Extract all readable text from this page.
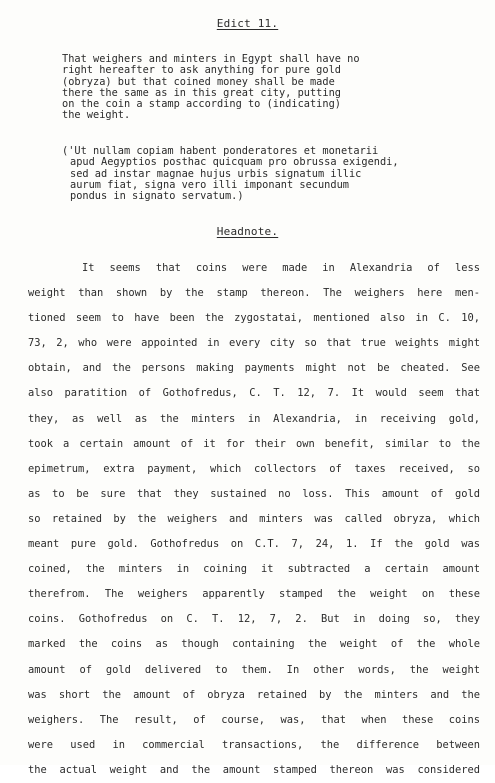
Edict 11.
That weighers and minters in Egypt shall have no
right hereafter to ask anything for pure gold
(obryza) but that coined money shall be made
there the same as in this great city, putting
on the coin a stamp according to (indicating)
the weight.
('Ut nullam copiam habent ponderatores et monetarii
apud Aegyptios posthac quicquam pro obrussa exigendi,
sed ad instar magnae hujus urbis signatum illic
aurum fiat, signa vero illi imponant secundum
pondus in signato servatum.)
Headnote.
It seems that coins were made in Alexandria of less
weight than shown by the stamp thereon. The weighers here men-
tioned seem to have been the zygostatai, mentioned also in C. 10,
73, 2, who were appointed in every city so that true weights might
obtain, and the persons making payments might not be cheated. See
also paratition of Gothofredus, C. T. 12, 7. It would seem that
they, as well as the minters in Alexandria, in receiving gold,
took a certain amount of it for their own benefit, similar to the
epimetrum, extra payment, which collectors of taxes received, so
as to be sure that they sustained no loss. This amount of gold
so retained by the weighers and minters was called obryza, which
meant pure gold. Gothofredus on C.T. 7, 24, 1. If the gold was
coined, the minters in coining it subtracted a certain amount
therefrom. The weighers apparently stamped the weight on these
coins. Gothofredus on C. T. 12, 7, 2. But in doing so, they
marked the coins as though containing the weight of the whole
amount of gold delivered to them. In other words, the weight
was short the amount of obryza retained by the minters and the
weighers. The result, of course, was, that when these coins
were used in commercial transactions, the difference between
the actual weight and the amount stamped thereon was considered
